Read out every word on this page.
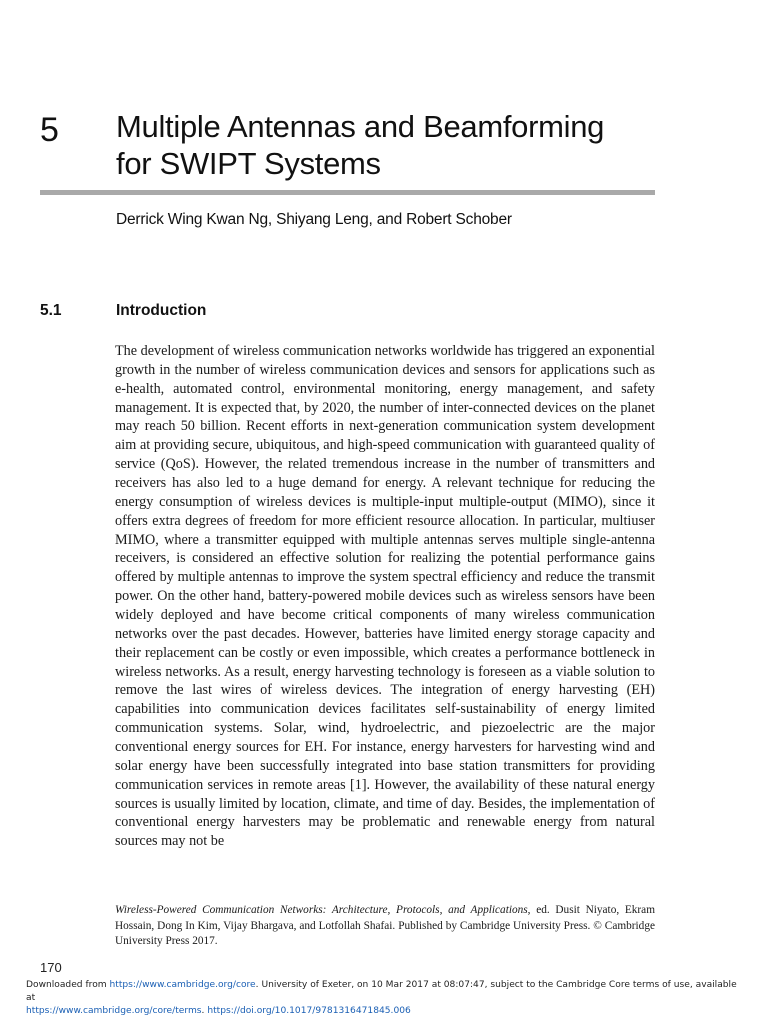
5 Multiple Antennas and Beamforming
for SWIPT Systems
Derrick Wing Kwan Ng, Shiyang Leng, and Robert Schober
5.1	Introduction

The development of wireless communication networks worldwide has triggered an exponential growth in the number of wireless communication devices and sensors for applications such as e-health, automated control, environmental monitoring, energy management, and safety management. It is expected that, by 2020, the number of inter-connected devices on the planet may reach 50 billion. Recent efforts in next-generation communication system development aim at providing secure, ubiquitous, and high-speed communication with guaranteed quality of service (QoS). However, the related tremendous increase in the number of transmitters and receivers has also led to a huge demand for energy. A relevant technique for reducing the energy consumption of wireless devices is multiple-input multiple-output (MIMO), since it offers extra degrees of freedom for more efficient resource allocation. In particular, multiuser MIMO, where a transmitter equipped with multiple antennas serves multiple single-antenna receivers, is considered an effective solution for realizing the potential performance gains offered by multiple antennas to improve the system spectral efficiency and reduce the transmit power. On the other hand, battery-powered mobile devices such as wireless sensors have been widely deployed and have become critical components of many wireless communication networks over the past decades. However, batteries have limited energy storage capacity and their replacement can be costly or even impossible, which creates a performance bottleneck in wireless networks. As a result, energy harvesting technology is foreseen as a viable solution to remove the last wires of wireless devices. The integration of energy harvesting (EH) capabilities into communication devices facilitates self-sustainability of energy limited communication systems. Solar, wind, hydroelectric, and piezoelectric are the major conventional energy sources for EH. For instance, energy harvesters for harvesting wind and solar energy have been successfully integrated into base station transmitters for providing communication services in remote areas [1]. However, the availability of these natural energy sources is usually limited by location, climate, and time of day. Besides, the implementation of conventional energy harvesters may be problematic and renewable energy from natural sources may not be

Wireless-Powered Communication Networks: Architecture, Protocols, and Applications, ed. Dusit Niyato, Ekram Hossain, Dong In Kim, Vijay Bhargava, and Lotfollah Shafai. Published by Cambridge University Press. © Cambridge University Press 2017.

170

Downloaded from https://www.cambridge.org/core. University of Exeter, on 10 Mar 2017 at 08:07:47, subject to the Cambridge Core terms of use, available at
https://www.cambridge.org/core/terms. https://doi.org/10.1017/9781316471845.006
